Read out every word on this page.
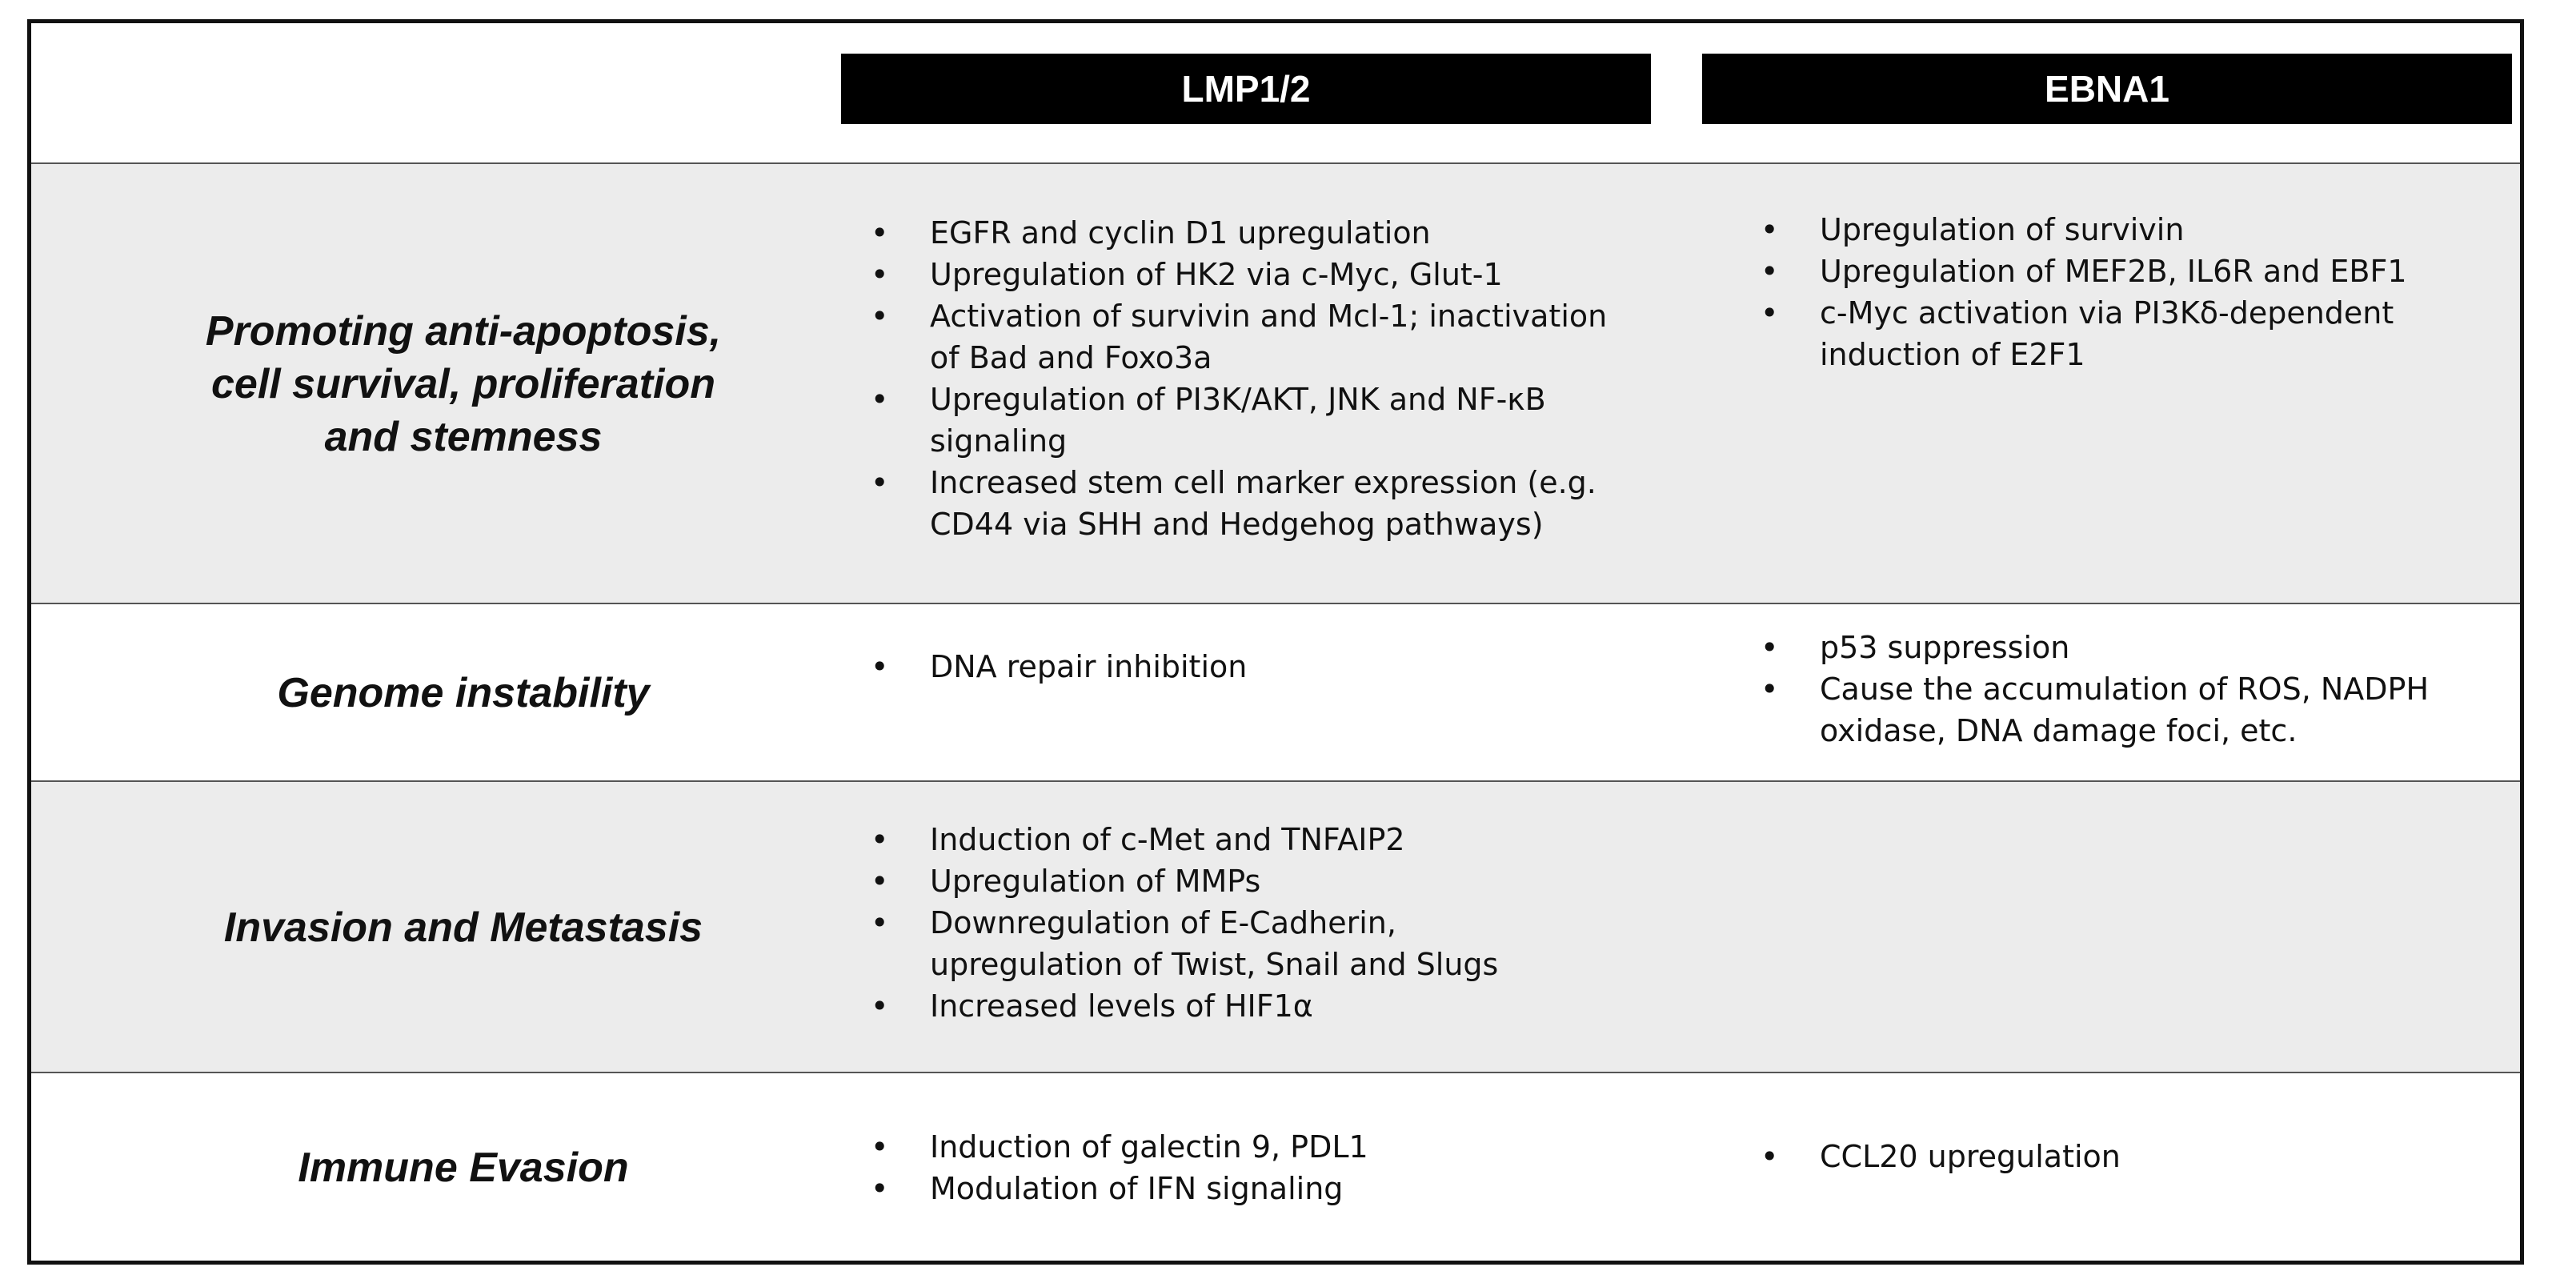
LMP1/2	EBNA1
Promoting anti-apoptosis,
cell survival, proliferation
and stemness
• EGFR and cyclin D1 upregulation
• Upregulation of HK2 via c-Myc, Glut-1
• Activation of survivin and Mcl-1; inactivation
of Bad and Foxo3a
• Upregulation of PI3K/AKT, JNK and NF-κB
signaling
• Increased stem cell marker expression (e.g.
CD44 via SHH and Hedgehog pathways)
• Upregulation of survivin
• Upregulation of MEF2B, IL6R and EBF1
• c-Myc activation via PI3Kδ-dependent
induction of E2F1
Genome instability
• DNA repair inhibition
• p53 suppression
• Cause the accumulation of ROS, NADPH
oxidase, DNA damage foci, etc.
Invasion and Metastasis
• Induction of c-Met and TNFAIP2
• Upregulation of MMPs
• Downregulation of E-Cadherin,
upregulation of Twist, Snail and Slugs
• Increased levels of HIF1α
Immune Evasion	• Induction of galectin 9, PDL1
• Modulation of IFN signaling
• CCL20 upregulation
